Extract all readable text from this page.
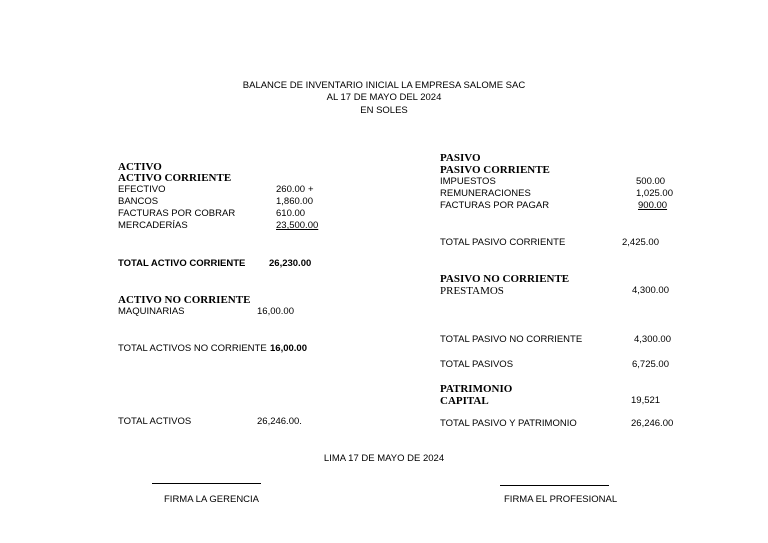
BALANCE DE INVENTARIO INICIAL LA EMPRESA SALOME SAC
AL 17 DE MAYO DEL 2024
EN SOLES
ACTIVO
ACTIVO CORRIENTE
EFECTIVO	260.00 +
BANCOS	1,860.00
FACTURAS POR COBRAR	610.00
MERCADERÍAS	23,500.00
TOTAL ACTIVO CORRIENTE 26,230.00
ACTIVO NO CORRIENTE
MAQUINARIAS	16,00.00
TOTAL ACTIVOS NO CORRIENTE 16,00.00
TOTAL ACTIVOS	26,246.00.
PASIVO
PASIVO CORRIENTE
IMPUESTOS	500.00
REMUNERACIONES	1,025.00
FACTURAS POR PAGAR	900.00
TOTAL PASIVO CORRIENTE	2,425.00
PASIVO NO CORRIENTE
PRESTAMOS	4,300.00
TOTAL PASIVO NO CORRIENTE	4,300.00
TOTAL PASIVOS	6,725.00
PATRIMONIO
CAPITAL	19,521
TOTAL PASIVO Y PATRIMONIO	26,246.00
LIMA 17 DE MAYO DE 2024
FIRMA LA GERENCIA	FIRMA EL PROFESIONAL
